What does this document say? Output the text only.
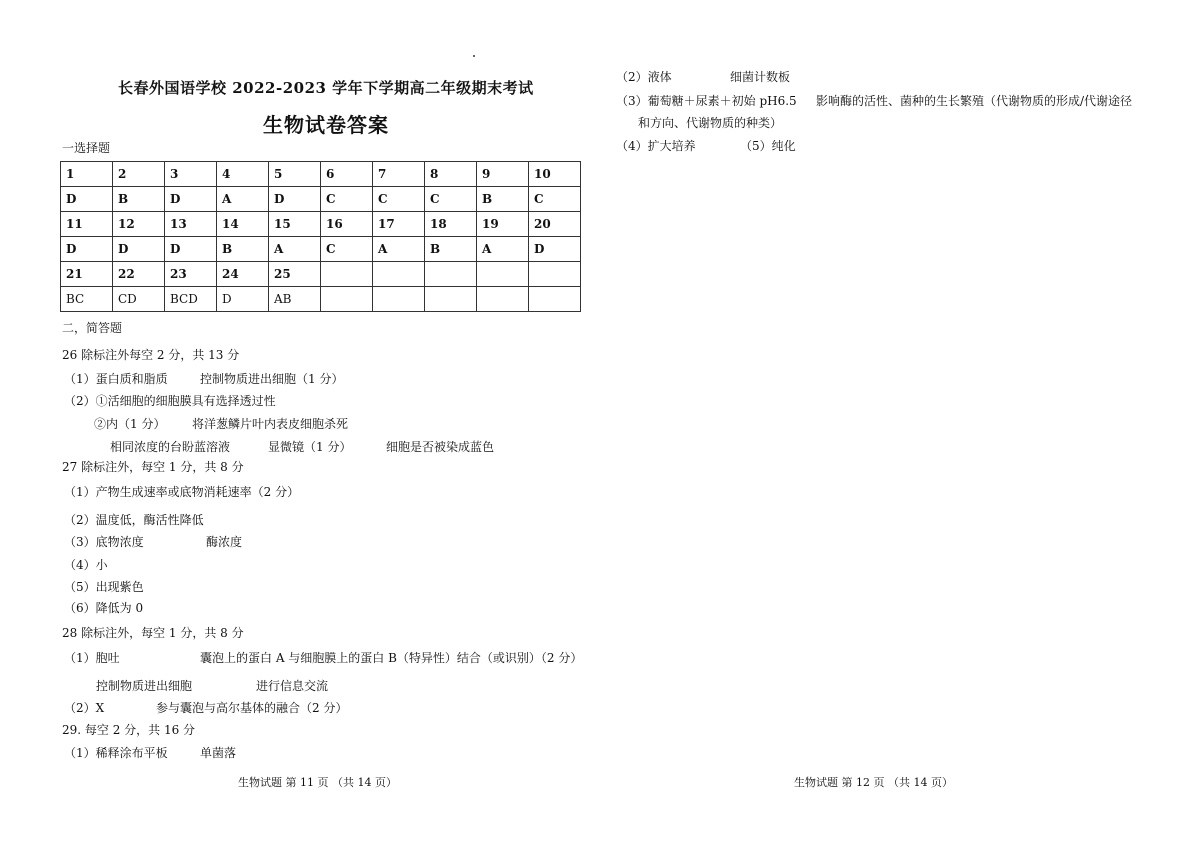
长春外国语学校 2022-2023 学年下学期高二年级期末考试
生物试卷答案
一选择题
1	2	3	4	5	6	7	8	9	10
D	B	D	A	D	C	C	C	B	C
11	12	13	14	15	16	17	18	19	20
D	D	D	B	A	C	A	B	A	D
21	22	23	24	25					
BC	CD	BCD	D	AB					
二，简答题
26 除标注外每空 2 分，共 13 分
（1）蛋白质和脂质	控制物质进出细胞（1 分）
（2）①活细胞的细胞膜具有选择透过性
②内（1 分） 将洋葱鳞片叶内表皮细胞杀死
相同浓度的台盼蓝溶液	显微镜（1 分）	细胞是否被染成蓝色
27 除标注外，每空 1 分，共 8 分
（1）产物生成速率或底物消耗速率（2 分）
（2）温度低，酶活性降低
（3）底物浓度	酶浓度
（4）小
（5）出现紫色
（6）降低为 0
28 除标注外，每空 1 分，共 8 分
（1）胞吐	囊泡上的蛋白 A 与细胞膜上的蛋白 B（特异性）结合（或识别）（2 分）
控制物质进出细胞	进行信息交流
（2）X	参与囊泡与高尔基体的融合（2 分）
29. 每空 2 分，共 16 分
（1）稀释涂布平板	单菌落
（2）液体	细菌计数板
（3）葡萄糖＋尿素＋初始 pH6.5 影响酶的活性、菌种的生长繁殖（代谢物质的形成/代谢途径
和方向、代谢物质的种类）
（4）扩大培养	（5）纯化
生物试题 第 11 页 （共 14 页）	生物试题 第 12 页 （共 14 页）
